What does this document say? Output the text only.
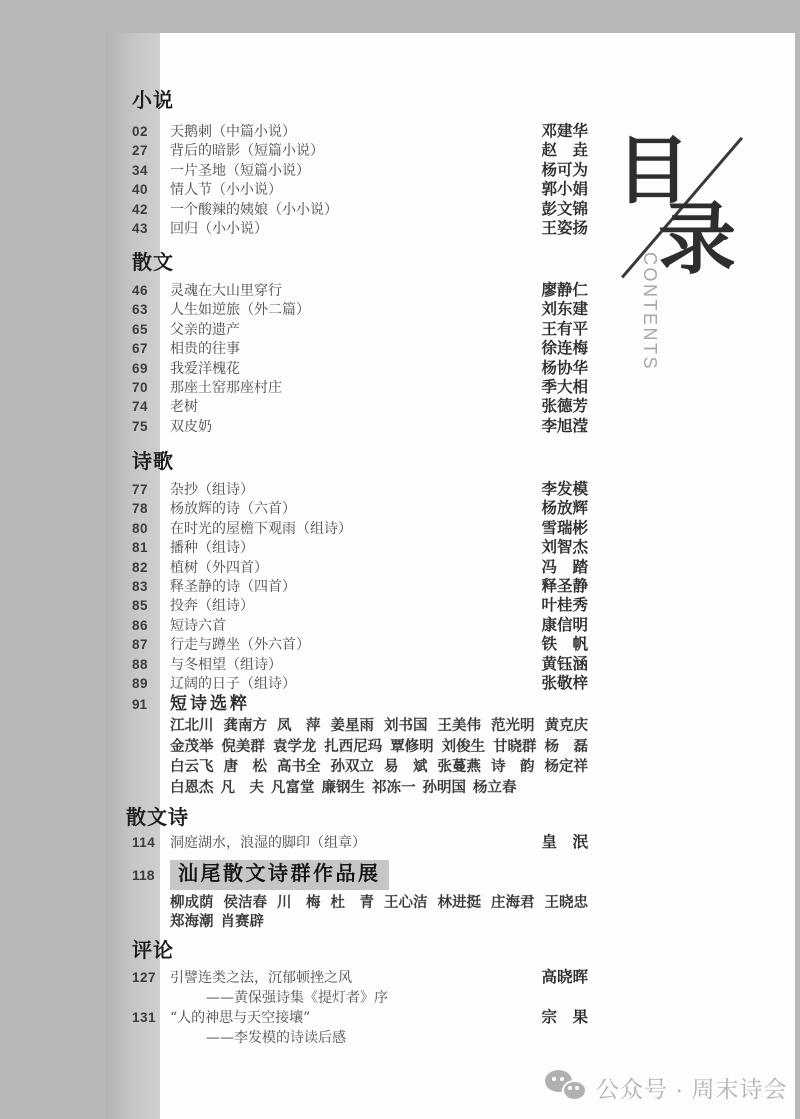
目
录
CONTENTS
小说
02	天鹅刺（中篇小说）	邓建华
27	背后的暗影（短篇小说）	赵　垚
34	一片圣地（短篇小说）	杨可为
40	情人节（小小说）	郭小娟
42	一个酸辣的姨娘（小小说）	彭文锦
43	回归（小小说）	王姿扬
散文
46	灵魂在大山里穿行	廖静仁
63	人生如逆旅（外二篇）	刘东建
65	父亲的遗产	王有平
67	相贵的往事	徐连梅
69	我爱洋槐花	杨协华
70	那座土窑那座村庄	季大相
74	老树	张德芳
75	双皮奶	李旭滢
诗歌
77	杂抄（组诗）	李发模
78	杨放辉的诗（六首）	杨放辉
80	在时光的屋檐下观雨（组诗）	雪瑞彬
81	播种（组诗）	刘智杰
82	植树（外四首）	冯　踏
83	释圣静的诗（四首）	释圣静
85	投奔（组诗）	叶桂秀
86	短诗六首	康信明
87	行走与蹲坐（外六首）	铁　帆
88	与冬相望（组诗）	黄钰涵
89	辽阔的日子（组诗）	张敬梓
91	短诗选粹
江北川 龚南方 凤　萍 姜星雨 刘书国 王美伟 范光明 黄克庆
金茂举 倪美群 袁学龙 扎西尼玛 覃修明 刘俊生 甘晓群 杨　磊
白云飞 唐　松 高书全 孙双立 易　斌 张蔓燕 诗　韵 杨定祥
白恩杰 凡　夫 凡富堂 廉钢生 祁冻一 孙明国 杨立春
散文诗
114	洞庭湖水，浪湿的脚印（组章）	皇　泯
118	汕尾散文诗群作品展
柳成荫 侯洁春 川　梅 杜　青 王心洁 林进挺 庄海君 王晓忠
郑海潮 肖赛辟
评论
127 引譬连类之法，沉郁顿挫之风	高晓晖
——黄保强诗集《提灯者》序
131 “人的神思与天空接壤”	宗　果
——李发模的诗读后感
公众号 · 周末诗会
